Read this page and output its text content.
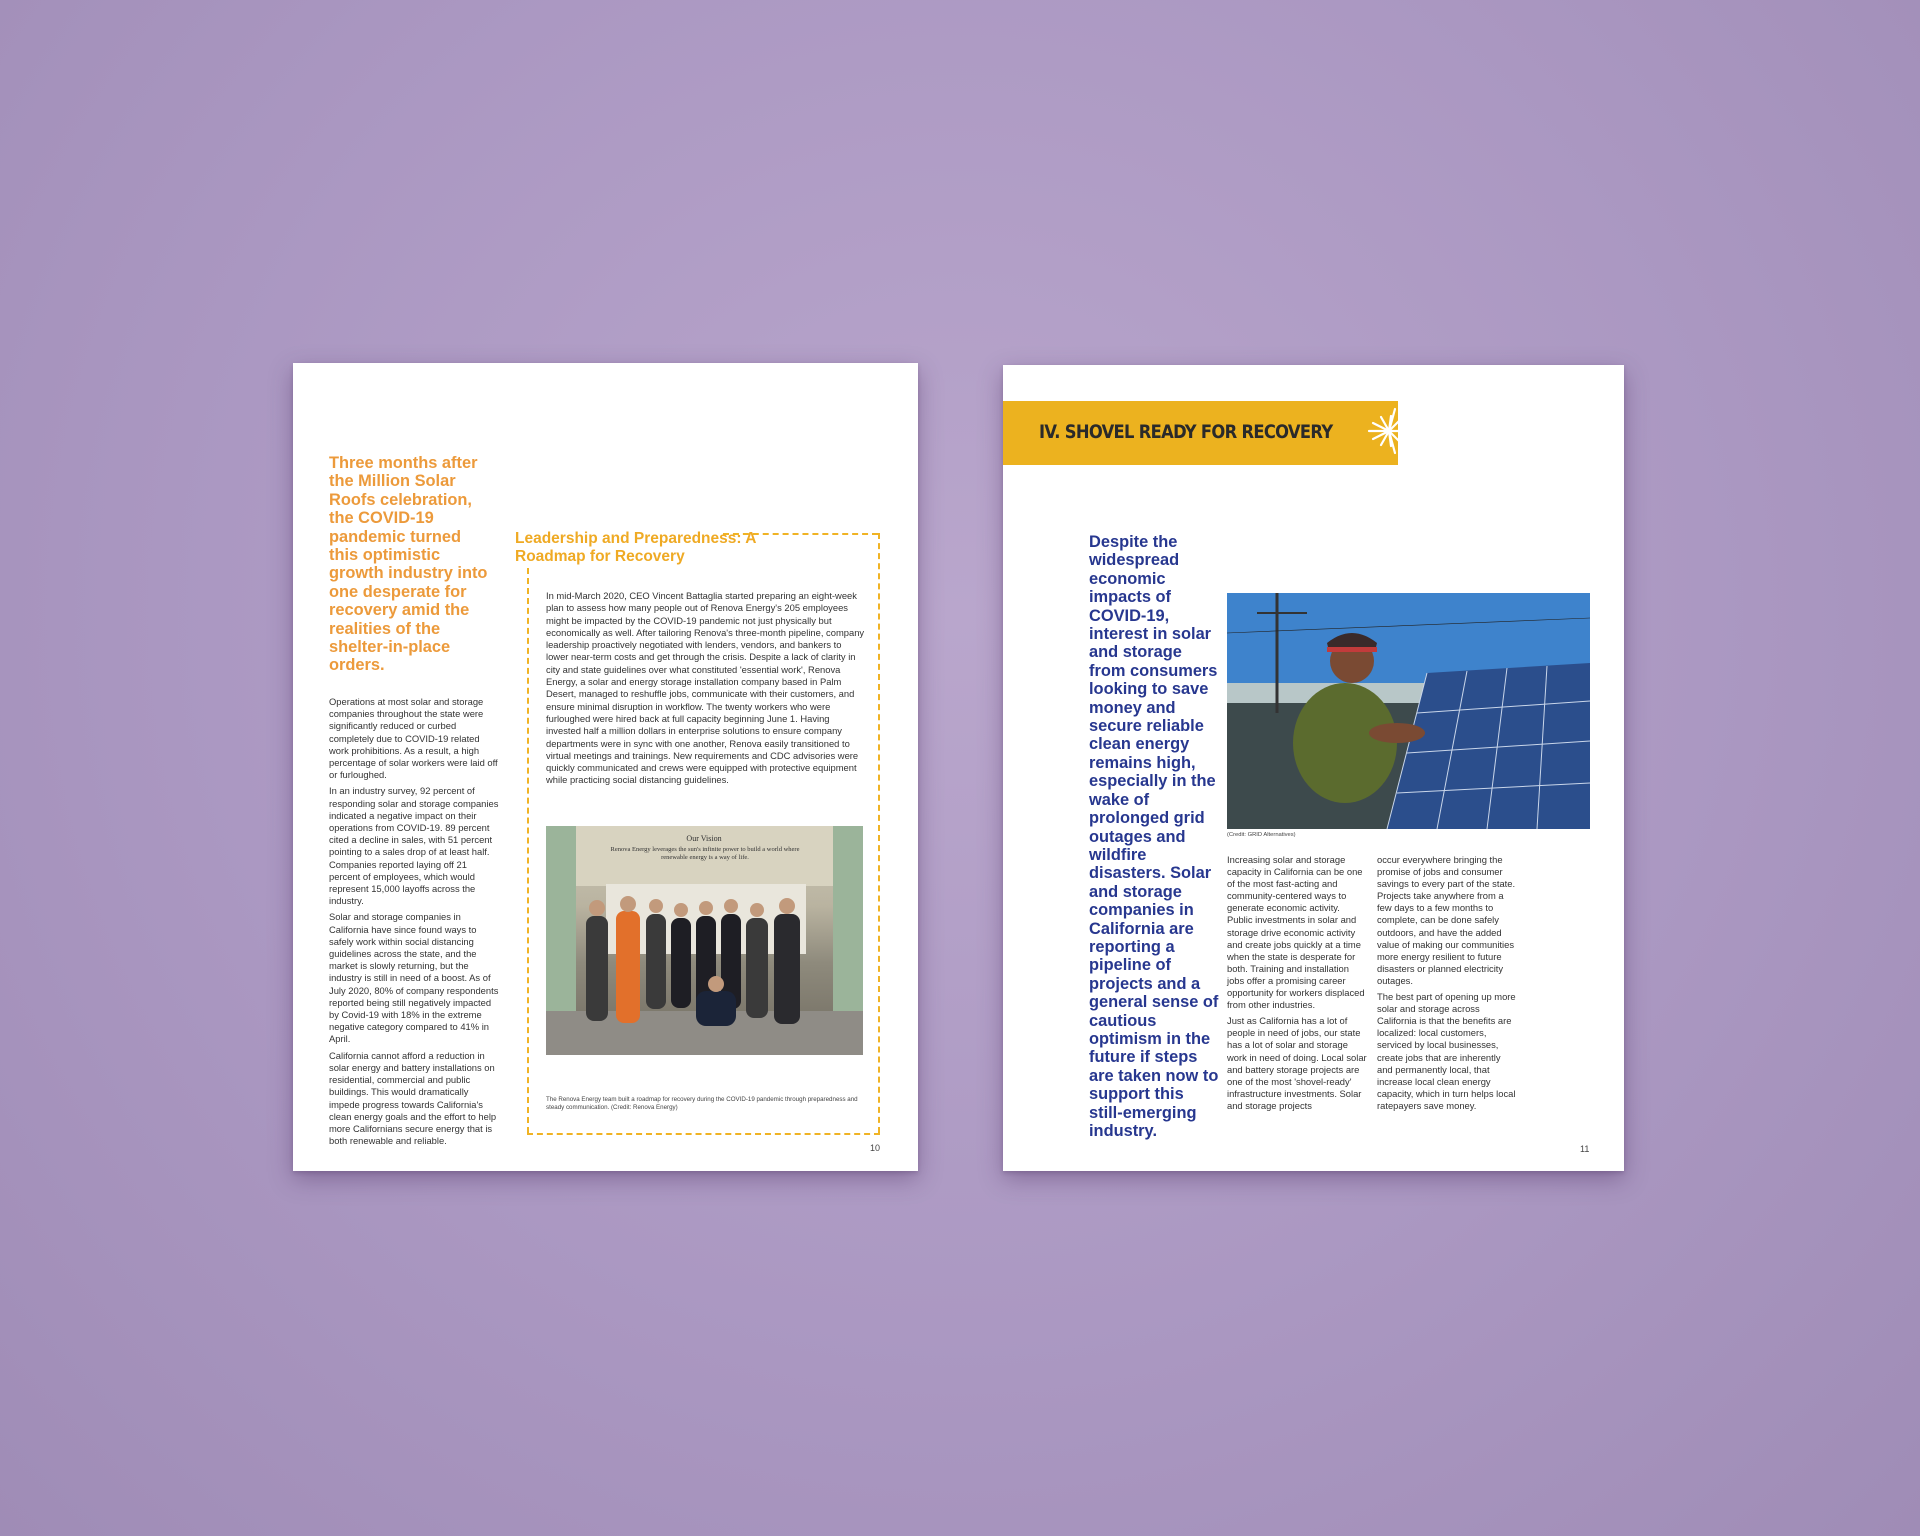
Three months after the Million Solar Roofs celebration, the COVID-19 pandemic turned this optimistic growth industry into one desperate for recovery amid the realities of the shelter-in-place orders.

Operations at most solar and storage companies throughout the state were significantly reduced or curbed completely due to COVID-19 related work prohibitions. As a result, a high percentage of solar workers were laid off or furloughed.

In an industry survey, 92 percent of responding solar and storage companies indicated a negative impact on their operations from COVID-19. 89 percent cited a decline in sales, with 51 percent pointing to a sales drop of at least half. Companies reported laying off 21 percent of employees, which would represent 15,000 layoffs across the industry.

Solar and storage companies in California have since found ways to safely work within social distancing guidelines across the state, and the market is slowly returning, but the industry is still in need of a boost. As of July 2020, 80% of company respondents reported being still negatively impacted by Covid-19 with 18% in the extreme negative category compared to 41% in April.

California cannot afford a reduction in solar energy and battery installations on residential, commercial and public buildings. This would dramatically impede progress towards California's clean energy goals and the effort to help more Californians secure energy that is both renewable and reliable.

Leadership and Preparedness: A Roadmap for Recovery

In mid-March 2020, CEO Vincent Battaglia started preparing an eight-week plan to assess how many people out of Renova Energy's 205 employees might be impacted by the COVID-19 pandemic not just physically but economically as well. After tailoring Renova's three-month pipeline, company leadership proactively negotiated with lenders, vendors, and bankers to lower near-term costs and get through the crisis. Despite a lack of clarity in city and state guidelines over what constituted 'essential work', Renova Energy, a solar and energy storage installation company based in Palm Desert, managed to reshuffle jobs, communicate with their customers, and ensure minimal disruption in workflow. The twenty workers who were furloughed were hired back at full capacity beginning June 1. Having invested half a million dollars in enterprise solutions to ensure company departments were in sync with one another, Renova easily transitioned to virtual meetings and trainings. New requirements and CDC advisories were quickly communicated and crews were equipped with protective equipment while practicing social distancing guidelines.

Our Vision
Renova Energy leverages the sun's infinite power to build a world where renewable energy is a way of life.

The Renova Energy team built a roadmap for recovery during the COVID-19 pandemic through preparedness and steady communication. (Credit: Renova Energy)

10
IV. SHOVEL READY FOR RECOVERY

Despite the widespread economic impacts of COVID-19, interest in solar and storage from consumers looking to save money and secure reliable clean energy remains high, especially in the wake of prolonged grid outages and wildfire disasters. Solar and storage companies in California are reporting a pipeline of projects and a general sense of cautious optimism in the future if steps are taken now to support this still-emerging industry.

(Credit: GRID Alternatives)

Increasing solar and storage capacity in California can be one of the most fast-acting and community-centered ways to generate economic activity. Public investments in solar and storage drive economic activity and create jobs quickly at a time when the state is desperate for both. Training and installation jobs offer a promising career opportunity for workers displaced from other industries.

Just as California has a lot of people in need of jobs, our state has a lot of solar and storage work in need of doing. Local solar and battery storage projects are one of the most 'shovel-ready' infrastructure investments. Solar and storage projects

occur everywhere bringing the promise of jobs and consumer savings to every part of the state. Projects take anywhere from a few days to a few months to complete, can be done safely outdoors, and have the added value of making our communities more energy resilient to future disasters or planned electricity outages.

The best part of opening up more solar and storage across California is that the benefits are localized: local customers, serviced by local businesses, create jobs that are inherently and permanently local, that increase local clean energy capacity, which in turn helps local ratepayers save money.

11
